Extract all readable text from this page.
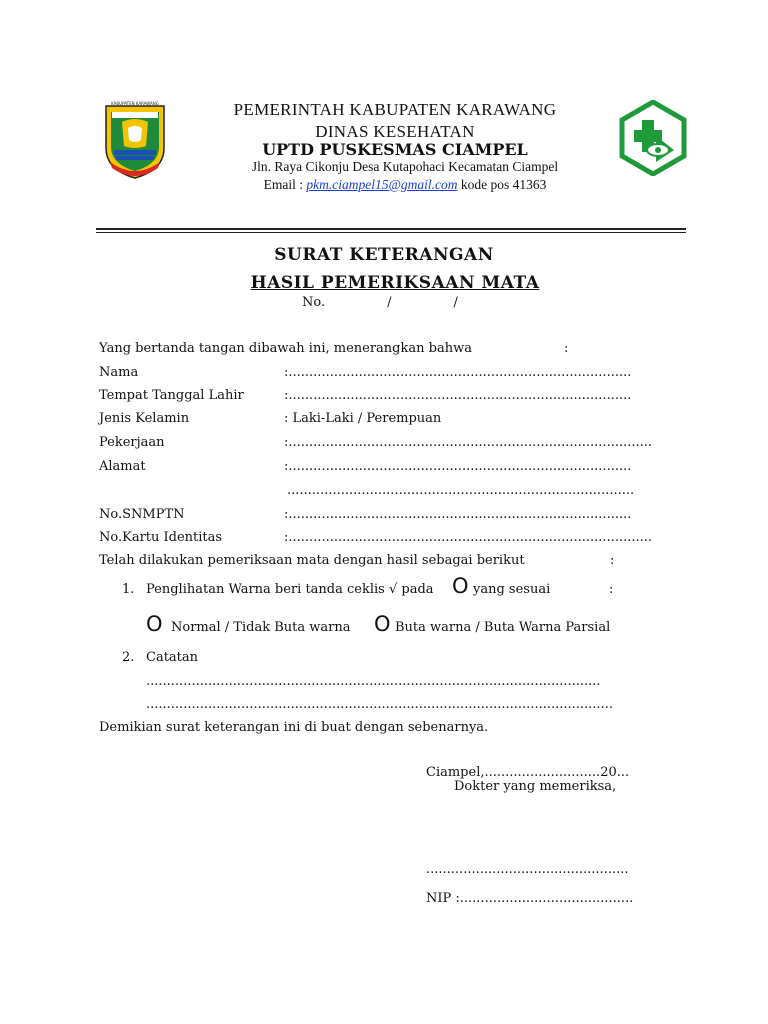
KABUPATEN KARAWANG	PEMERINTAH KABUPATEN KARAWANG
DINAS KESEHATAN
UPTD PUSKESMAS CIAMPEL
Jln. Raya Cikonju Desa Kutapohaci Kecamatan Ciampel
Email : pkm.ciampel15@gmail.com kode pos 41363
SURAT KETERANGAN
HASIL PEMERIKSAAN MATA
No.               /               /
Yang bertanda tangan dibawah ini, menerangkan bahwa	:
Nama	:...................................................................................
Tempat Tanggal Lahir	:...................................................................................
Jenis Kelamin	: Laki-Laki / Perempuan
Pekerjaan	:........................................................................................
Alamat	:...................................................................................
....................................................................................
No.SNMPTN	:...................................................................................
No.Kartu Identitas	:........................................................................................
Telah dilakukan pemeriksaan mata dengan hasil sebagai berikut	:
1. Penglihatan Warna beri tanda ceklis √ pada O yang sesuai	:
O Normal / Tidak Buta warna O Buta warna / Buta Warna Parsial
2. Catatan
..............................................................................................................
.................................................................................................................
Demikian surat keterangan ini di buat dengan sebenarnya.
Ciampel,............................20...
Dokter yang memeriksa,
.................................................
NIP :..........................................
